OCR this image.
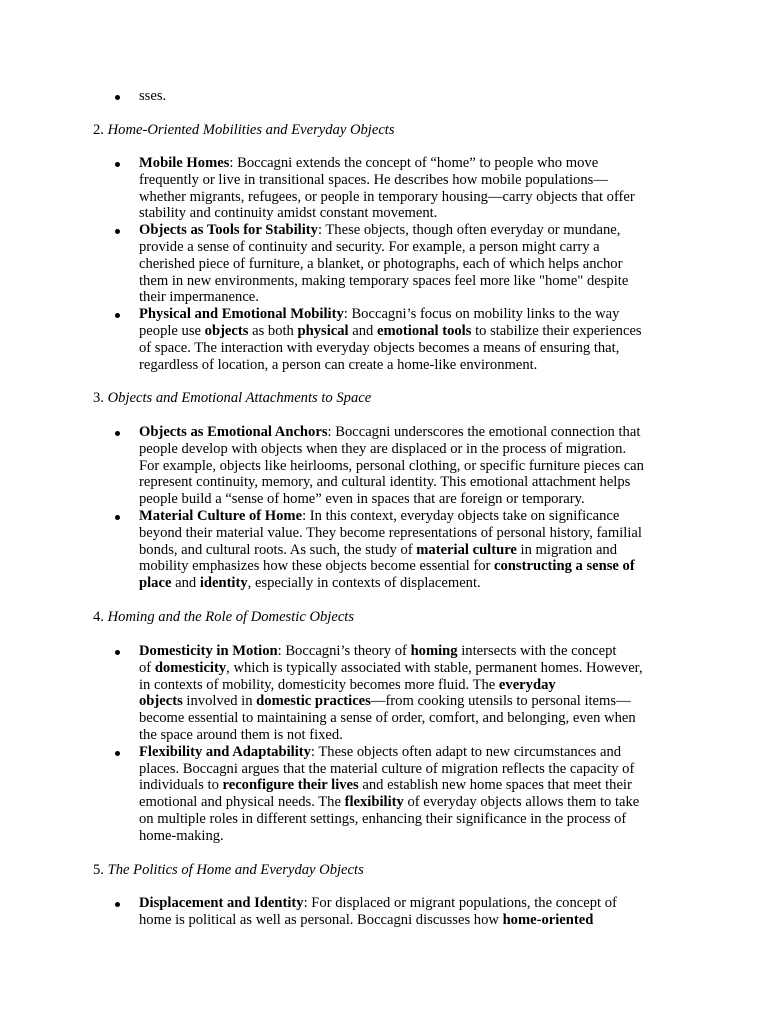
sses.
2. Home-Oriented Mobilities and Everyday Objects
Mobile Homes: Boccagni extends the concept of “home” to people who move
frequently or live in transitional spaces. He describes how mobile populations—
whether migrants, refugees, or people in temporary housing—carry objects that offer
stability and continuity amidst constant movement.
Objects as Tools for Stability: These objects, though often everyday or mundane,
provide a sense of continuity and security. For example, a person might carry a
cherished piece of furniture, a blanket, or photographs, each of which helps anchor
them in new environments, making temporary spaces feel more like "home" despite
their impermanence.
Physical and Emotional Mobility: Boccagni’s focus on mobility links to the way
people use objects as both physical and emotional tools to stabilize their experiences
of space. The interaction with everyday objects becomes a means of ensuring that,
regardless of location, a person can create a home-like environment.
3. Objects and Emotional Attachments to Space
Objects as Emotional Anchors: Boccagni underscores the emotional connection that
people develop with objects when they are displaced or in the process of migration.
For example, objects like heirlooms, personal clothing, or specific furniture pieces can
represent continuity, memory, and cultural identity. This emotional attachment helps
people build a “sense of home” even in spaces that are foreign or temporary.
Material Culture of Home: In this context, everyday objects take on significance
beyond their material value. They become representations of personal history, familial
bonds, and cultural roots. As such, the study of material culture in migration and
mobility emphasizes how these objects become essential for constructing a sense of
place and identity, especially in contexts of displacement.
4. Homing and the Role of Domestic Objects
Domesticity in Motion: Boccagni’s theory of homing intersects with the concept
of domesticity, which is typically associated with stable, permanent homes. However,
in contexts of mobility, domesticity becomes more fluid. The everyday
objects involved in domestic practices—from cooking utensils to personal items—
become essential to maintaining a sense of order, comfort, and belonging, even when
the space around them is not fixed.
Flexibility and Adaptability: These objects often adapt to new circumstances and
places. Boccagni argues that the material culture of migration reflects the capacity of
individuals to reconfigure their lives and establish new home spaces that meet their
emotional and physical needs. The flexibility of everyday objects allows them to take
on multiple roles in different settings, enhancing their significance in the process of
home-making.
5. The Politics of Home and Everyday Objects
Displacement and Identity: For displaced or migrant populations, the concept of
home is political as well as personal. Boccagni discusses how home-oriented
